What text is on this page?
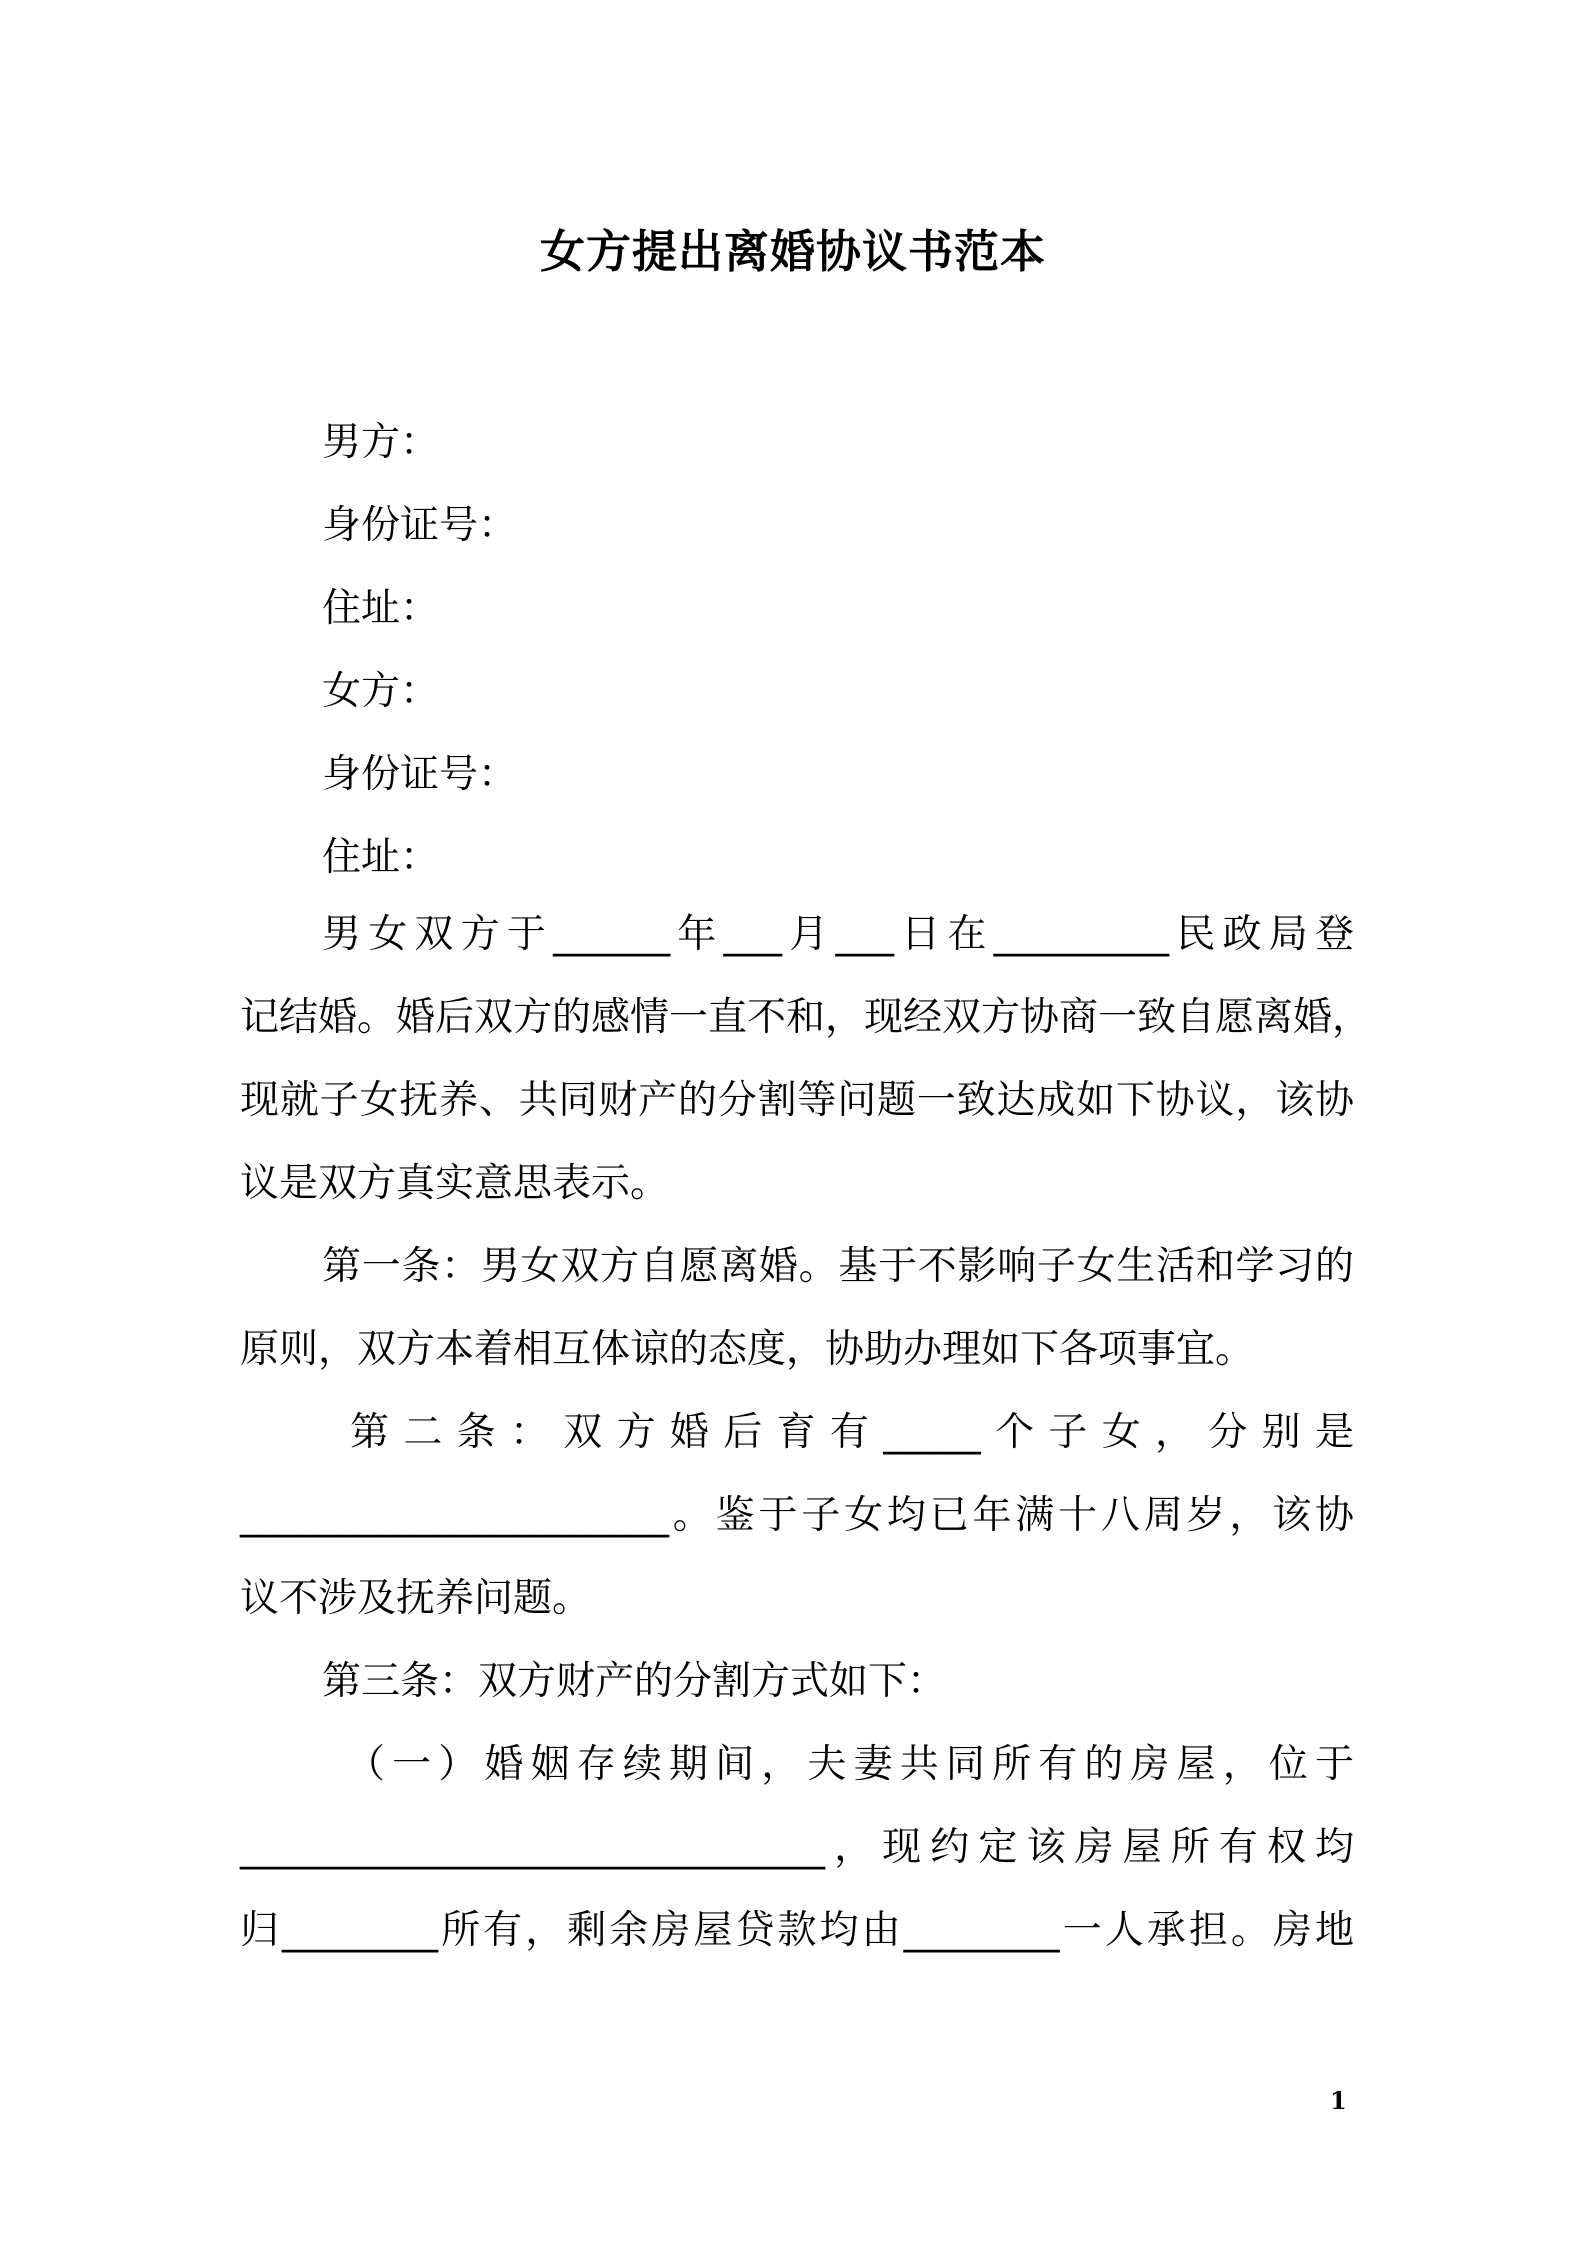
女方提出离婚协议书范本
男方：
身份证号：
住址：
女方：
身份证号：
住址：
男女双方于______年___月___日在_________民政局登
记结婚。婚后双方的感情一直不和，现经双方协商一致自愿离婚，
现就子女抚养、共同财产的分割等问题一致达成如下协议，该协
议是双方真实意思表示。
第一条：男女双方自愿离婚。基于不影响子女生活和学习的
原则，双方本着相互体谅的态度，协助办理如下各项事宜。
第二条：双方婚后育有_____个子女，分别是
______________________。鉴于子女均已年满十八周岁，该协
议不涉及抚养问题。
第三条：双方财产的分割方式如下：
（一）婚姻存续期间，夫妻共同所有的房屋，位于
______________________________，现约定该房屋所有权均
归________所有，剩余房屋贷款均由________一人承担。房地
1
